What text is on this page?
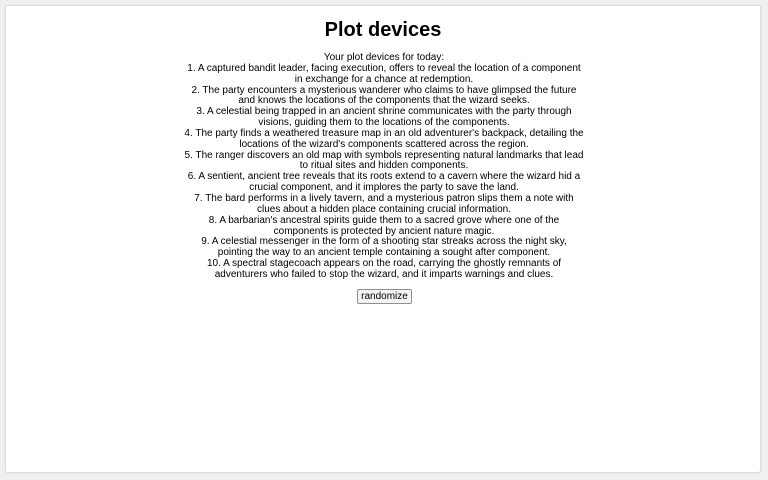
Plot devices
Your plot devices for today:
1. A captured bandit leader, facing execution, offers to reveal the location of a component in exchange for a chance at redemption.
2. The party encounters a mysterious wanderer who claims to have glimpsed the future and knows the locations of the components that the wizard seeks.
3. A celestial being trapped in an ancient shrine communicates with the party through visions, guiding them to the locations of the components.
4. The party finds a weathered treasure map in an old adventurer's backpack, detailing the locations of the wizard's components scattered across the region.
5. The ranger discovers an old map with symbols representing natural landmarks that lead to ritual sites and hidden components.
6. A sentient, ancient tree reveals that its roots extend to a cavern where the wizard hid a crucial component, and it implores the party to save the land.
7. The bard performs in a lively tavern, and a mysterious patron slips them a note with clues about a hidden place containing crucial information.
8. A barbarian's ancestral spirits guide them to a sacred grove where one of the components is protected by ancient nature magic.
9. A celestial messenger in the form of a shooting star streaks across the night sky, pointing the way to an ancient temple containing a sought after component.
10. A spectral stagecoach appears on the road, carrying the ghostly remnants of adventurers who failed to stop the wizard, and it imparts warnings and clues.
randomize
